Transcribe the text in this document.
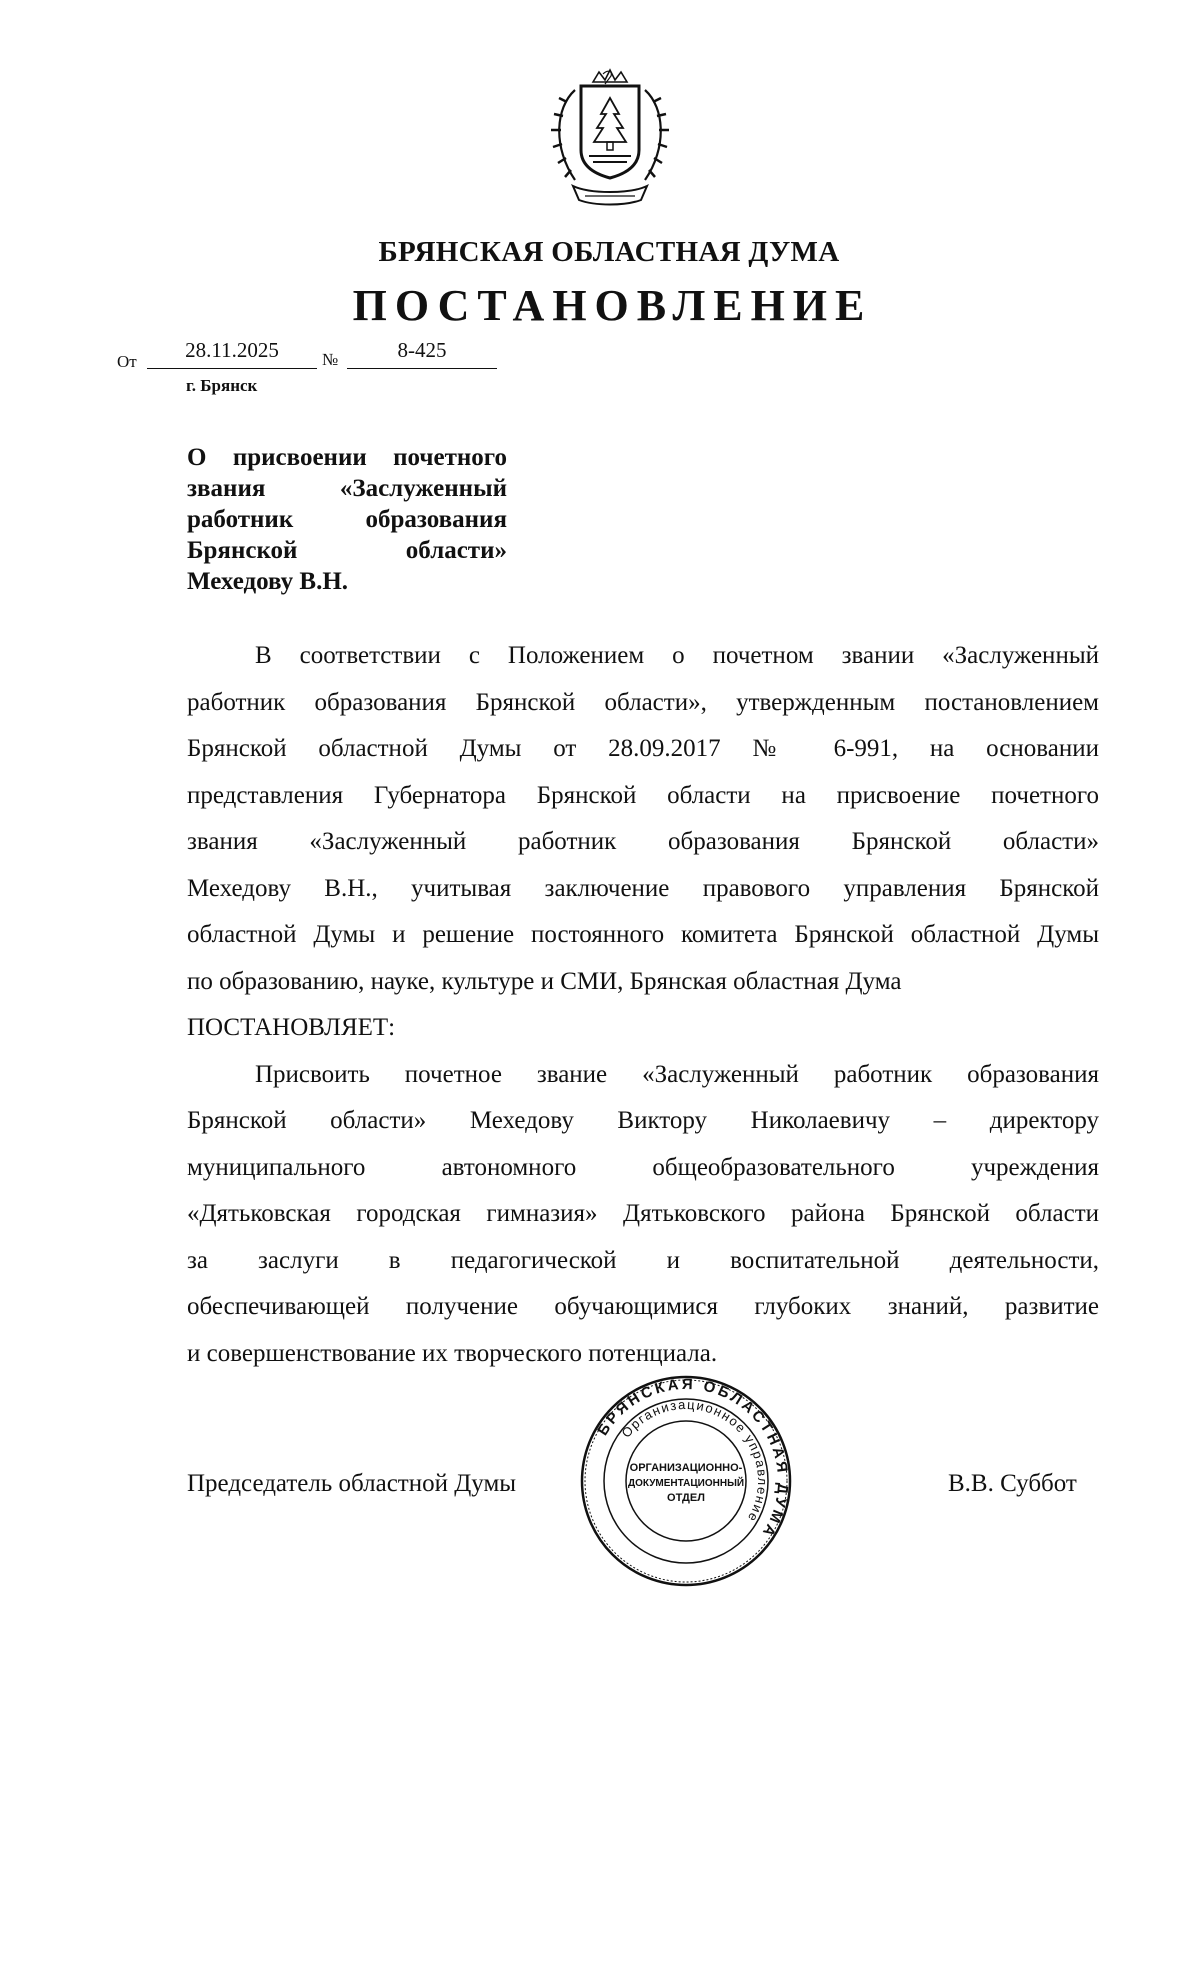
БРЯНСКАЯ ОБЛАСТНАЯ ДУМА
ПОСТАНОВЛЕНИЕ
От	28.11.2025	№	8-425
г. Брянск
О присвоении почетного
звания «Заслуженный
работник образования
Брянской области»
Мехедову В.Н.
В соответствии с Положением о почетном звании «Заслуженный
работник образования Брянской области», утвержденным постановлением
Брянской областной Думы от 28.09.2017 № 6-991, на основании
представления Губернатора Брянской области на присвоение почетного
звания «Заслуженный работник образования Брянской области»
Мехедову В.Н., учитывая заключение правового управления Брянской
областной Думы и решение постоянного комитета Брянской областной Думы
по образованию, науке, культуре и СМИ, Брянская областная Дума
ПОСТАНОВЛЯЕТ:
Присвоить почетное звание «Заслуженный работник образования
Брянской области» Мехедову Виктору Николаевичу – директору
муниципального автономного общеобразовательного учреждения
«Дятьковская городская гимназия» Дятьковского района Брянской области
за заслуги в педагогической и воспитательной деятельности,
обеспечивающей получение обучающимися глубоких знаний, развитие
и совершенствование их творческого потенциала.
Председатель областной Думы	В.В. Суббот
БРЯНСКАЯ ОБЛАСТНАЯ ДУМА
Организационное управление
ОРГАНИЗАЦИОННО-
ДОКУМЕНТАЦИОННЫЙ
ОТДЕЛ
